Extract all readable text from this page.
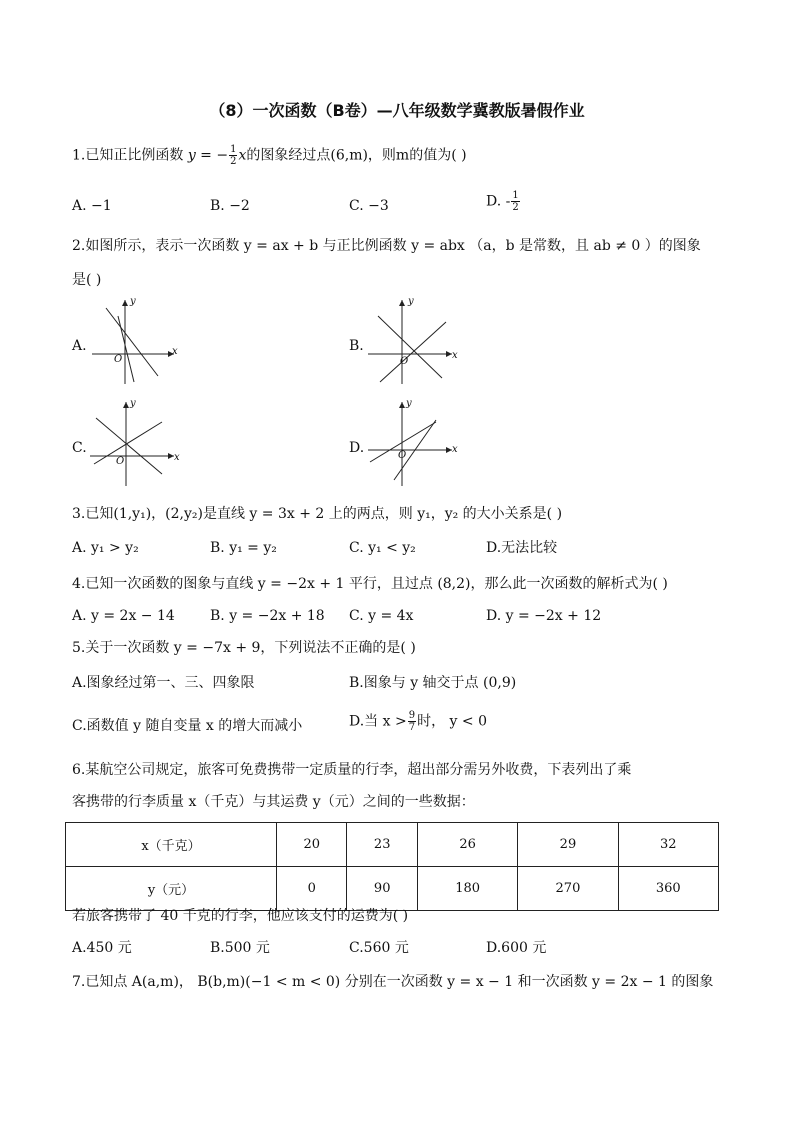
（8）一次函数（B卷）—八年级数学冀教版暑假作业
1.已知正比例函数 y = − $\frac{1}{2}$ x的图象经过点(6,m)，则m的值为( )
A. −1	B. −2	C. −3	D. - $\frac{1}{2}$
2.如图所示，表示一次函数 y = ax + b 与正比例函数 y = abx （a，b 是常数，且 ab ≠ 0 ）的图象
是( )
A.
y
x
O
B.
y
x
O
C.
y
x
O
D.
y
x
O
3.已知(1,y₁)，(2,y₂)是直线 y = 3x + 2 上的两点，则 y₁，y₂ 的大小关系是( )
A. y₁ > y₂	B. y₁ = y₂	C. y₁ < y₂	D.无法比较
4.已知一次函数的图象与直线 y = −2x + 1 平行，且过点 (8,2)，那么此一次函数的解析式为( )
A. y = 2x − 14	B. y = −2x + 18 C. y = 4x	D. y = −2x + 12
5.关于一次函数 y = −7x + 9，下列说法不正确的是( )
A.图象经过第一、三、四象限	B.图象与 y 轴交于点 (0,9)
C.函数值 y 随自变量 x 的增大而减小	D.当 $x > \frac{9}{7}$ 时， y < 0
6.某航空公司规定，旅客可免费携带一定质量的行李，超出部分需另外收费，下表列出了乘
客携带的行李质量 x（千克）与其运费 y（元）之间的一些数据：
x（千克）	20	23	26	29	32
y（元）	0	90	180	270	360
若旅客携带了 40 千克的行李，他应该支付的运费为( )
A.450 元	B.500 元	C.560 元	D.600 元
7.已知点 A(a,m)， B(b,m)(−1 < m < 0) 分别在一次函数 y = x − 1 和一次函数 y = 2x − 1 的图象
